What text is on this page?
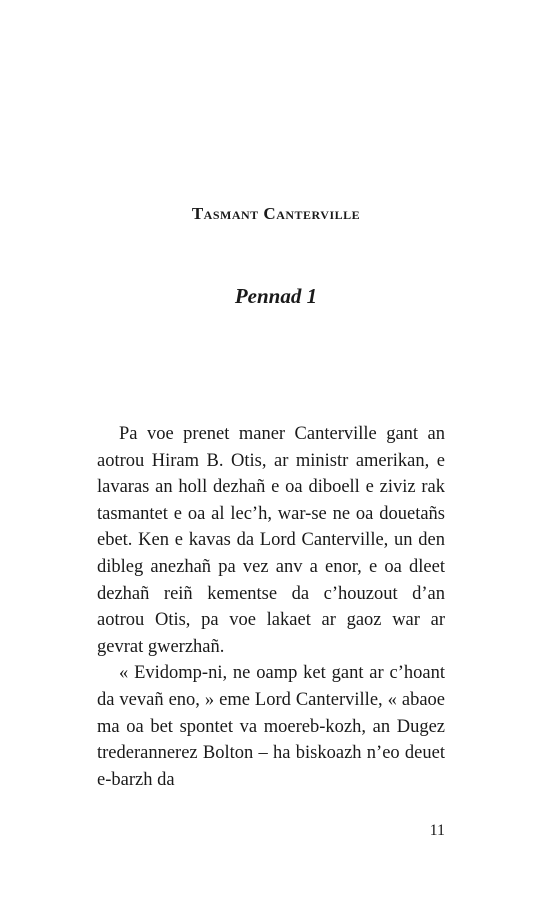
Tasmant Canterville
Pennad 1

Pa voe prenet maner Canterville gant an aotrou Hiram B. Otis, ar ministr amerikan, e lavaras an holl dezhañ e oa diboell e ziviz rak tasmantet e oa al lec’h, war-se ne oa douetañs ebet. Ken e kavas da Lord Canterville, un den dibleg anezhañ pa vez anv a enor, e oa dleet dezhañ reiñ kementse da c’houzout d’an aotrou Otis, pa voe lakaet ar gaoz war ar gevrat gwerzhañ.

« Evidomp-ni, ne oamp ket gant ar c’hoant da vevañ eno, » eme Lord Canterville, « abaoe ma oa bet spontet va moereb-kozh, an Dugez trederannerez Bolton – ha biskoazh n’eo deuet e-barzh da

11
